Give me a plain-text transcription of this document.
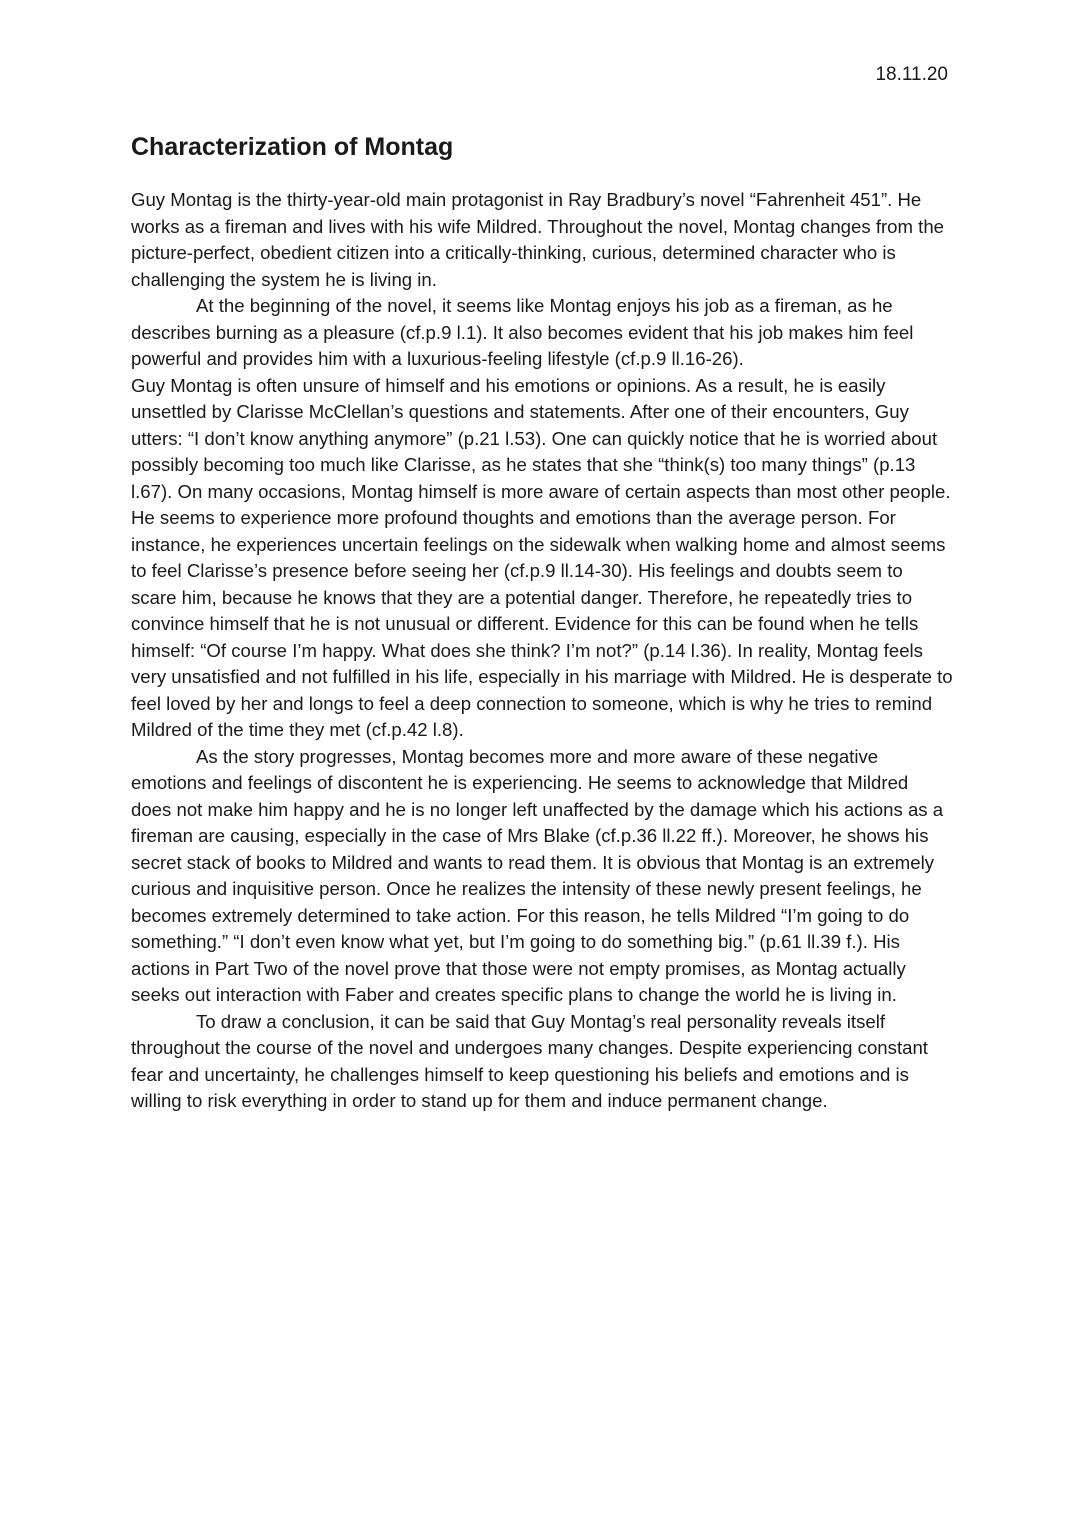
18.11.20

Characterization of Montag

Guy Montag is the thirty-year-old main protagonist in Ray Bradbury’s novel “Fahrenheit 451”. He works as a fireman and lives with his wife Mildred. Throughout the novel, Montag changes from the picture-perfect, obedient citizen into a critically-thinking, curious, determined character who is challenging the system he is living in.

At the beginning of the novel, it seems like Montag enjoys his job as a fireman, as he describes burning as a pleasure (cf.p.9 l.1). It also becomes evident that his job makes him feel powerful and provides him with a luxurious-feeling lifestyle (cf.p.9 ll.16-26).

Guy Montag is often unsure of himself and his emotions or opinions. As a result, he is easily unsettled by Clarisse McClellan’s questions and statements. After one of their encounters, Guy utters: “I don’t know anything anymore” (p.21 l.53). One can quickly notice that he is worried about possibly becoming too much like Clarisse, as he states that she “think(s) too many things” (p.13 l.67). On many occasions, Montag himself is more aware of certain aspects than most other people. He seems to experience more profound thoughts and emotions than the average person. For instance, he experiences uncertain feelings on the sidewalk when walking home and almost seems to feel Clarisse’s presence before seeing her (cf.p.9 ll.14-30). His feelings and doubts seem to scare him, because he knows that they are a potential danger. Therefore, he repeatedly tries to convince himself that he is not unusual or different. Evidence for this can be found when he tells himself: “Of course I’m happy. What does she think? I’m not?” (p.14 l.36). In reality, Montag feels very unsatisfied and not fulfilled in his life, especially in his marriage with Mildred. He is desperate to feel loved by her and longs to feel a deep connection to someone, which is why he tries to remind Mildred of the time they met (cf.p.42 l.8).

As the story progresses, Montag becomes more and more aware of these negative emotions and feelings of discontent he is experiencing. He seems to acknowledge that Mildred does not make him happy and he is no longer left unaffected by the damage which his actions as a fireman are causing, especially in the case of Mrs Blake (cf.p.36 ll.22 ff.). Moreover, he shows his secret stack of books to Mildred and wants to read them. It is obvious that Montag is an extremely curious and inquisitive person. Once he realizes the intensity of these newly present feelings, he becomes extremely determined to take action. For this reason, he tells Mildred “I’m going to do something.” “I don’t even know what yet, but I’m going to do something big.” (p.61 ll.39 f.). His actions in Part Two of the novel prove that those were not empty promises, as Montag actually seeks out interaction with Faber and creates specific plans to change the world he is living in.

To draw a conclusion, it can be said that Guy Montag’s real personality reveals itself throughout the course of the novel and undergoes many changes. Despite experiencing constant fear and uncertainty, he challenges himself to keep questioning his beliefs and emotions and is willing to risk everything in order to stand up for them and induce permanent change.
